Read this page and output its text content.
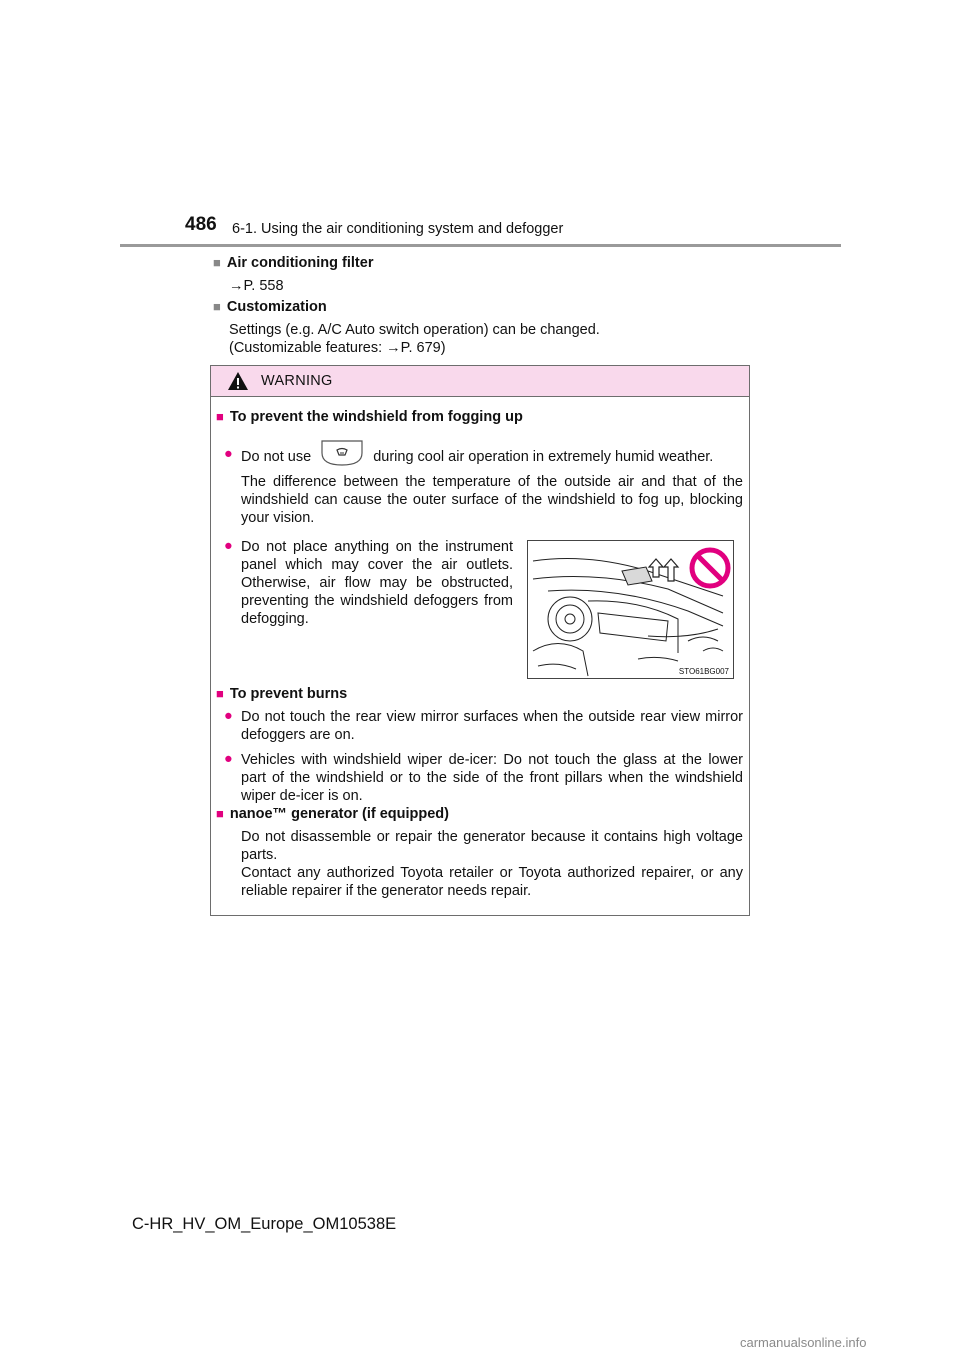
486 6-1. Using the air conditioning system and defogger
■ Air conditioning filter
→P. 558
■ Customization
Settings (e.g. A/C Auto switch operation) can be changed.
(Customizable features: →P. 679)
WARNING
■ To prevent the windshield from fogging up
● Do not use	during cool air operation in extremely humid weather.
The difference between the temperature of the outside air and that of the windshield can cause the outer surface of the windshield to fog up, blocking your vision.
● Do not place anything on the instrument panel which may cover the air outlets. Otherwise, air flow may be obstructed, preventing the windshield defoggers from defogging.
STO61BG007
■ To prevent burns
● Do not touch the rear view mirror surfaces when the outside rear view mirror defoggers are on.
● Vehicles with windshield wiper de-icer: Do not touch the glass at the lower part of the windshield or to the side of the front pillars when the windshield wiper de-icer is on.
■ nanoe™ generator (if equipped)
Do not disassemble or repair the generator because it contains high voltage parts.
Contact any authorized Toyota retailer or Toyota authorized repairer, or any reliable repairer if the generator needs repair.
C-HR_HV_OM_Europe_OM10538E
carmanualsonline.info
